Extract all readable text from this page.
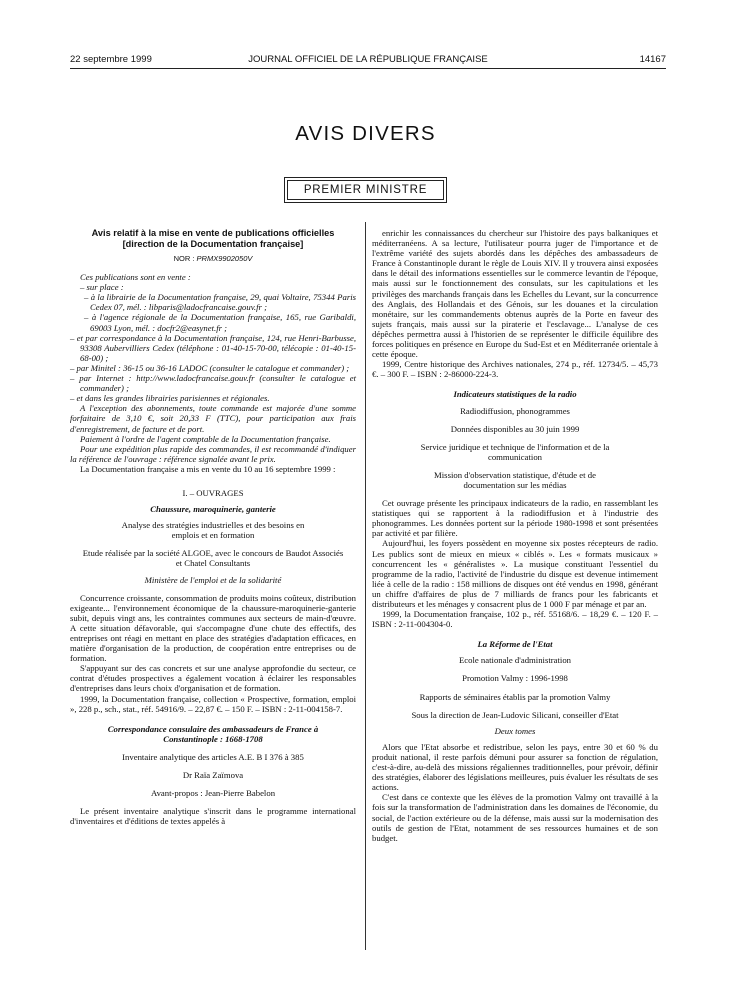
22 septembre 1999	JOURNAL OFFICIEL DE LA RÉPUBLIQUE FRANÇAISE	14167
AVIS DIVERS
PREMIER MINISTRE

Avis relatif à la mise en vente de publications officielles [direction de la Documentation française]

NOR : PRMX9902050V

Ces publications sont en vente :

– sur place :

– à la librairie de la Documentation française, 29, quai Voltaire, 75344 Paris Cedex 07, mél. : libparis@ladocfrancaise.gouv.fr ;

– à l'agence régionale de la Documentation française, 165, rue Garibaldi, 69003 Lyon, mél. : docfr2@easynet.fr ;

– et par correspondance à la Documentation française, 124, rue Henri-Barbusse, 93308 Aubervilliers Cedex (téléphone : 01-40-15-70-00, télécopie : 01-40-15-68-00) ;

– par Minitel : 36-15 ou 36-16 LADOC (consulter le catalogue et commander) ;

– par Internet : http://www.ladocfrancaise.gouv.fr (consulter le catalogue et commander) ;

– et dans les grandes librairies parisiennes et régionales.

A l'exception des abonnements, toute commande est majorée d'une somme forfaitaire de 3,10 €, soit 20,33 F (TTC), pour participation aux frais d'enregistrement, de facture et de port.

Paiement à l'ordre de l'agent comptable de la Documentation française.

Pour une expédition plus rapide des commandes, il est recommandé d'indiquer la référence de l'ouvrage : référence signalée avant le prix.

La Documentation française a mis en vente du 10 au 16 septembre 1999 :

I. – OUVRAGES

Chaussure, maroquinerie, ganterie

Analyse des stratégies industrielles et des besoins en emplois et en formation

Etude réalisée par la société ALGOE, avec le concours de Baudot Associés et Chatel Consultants

Ministère de l'emploi et de la solidarité

Concurrence croissante, consommation de produits moins coûteux, distribution exigeante... l'environnement économique de la chaussure-maroquinerie-ganterie subit, depuis vingt ans, les contraintes communes aux secteurs de main-d'œuvre. A cette situation défavorable, qui s'accompagne d'une chute des effectifs, des entreprises ont réagi en mettant en place des stratégies d'adaptation efficaces, en matière d'organisation de la production, de coopération entre entreprises ou de formation.

S'appuyant sur des cas concrets et sur une analyse approfondie du secteur, ce contrat d'études prospectives a également vocation à éclairer les responsables d'entreprises dans leurs choix d'organisation et de formation.

1999, la Documentation française, collection « Prospective, formation, emploi », 228 p., sch., stat., réf. 54916/9. – 22,87 €. – 150 F. – ISBN : 2-11-004158-7.

Correspondance consulaire des ambassadeurs de France à Constantinople : 1668-1708

Inventaire analytique des articles A.E. B I 376 à 385

Dr Raïa Zaïmova

Avant-propos : Jean-Pierre Babelon

Le présent inventaire analytique s'inscrit dans le programme international d'inventaires et d'éditions de textes appelés à

enrichir les connaissances du chercheur sur l'histoire des pays balkaniques et méditerranéens. A sa lecture, l'utilisateur pourra juger de l'importance et de l'extrême variété des sujets abordés dans les dépêches des ambassadeurs de France à Constantinople durant le règle de Louis XIV. Il y trouvera ainsi exposées dans le détail des informations essentielles sur le commerce levantin de l'époque, mais aussi sur le fonctionnement des consulats, sur les capitulations et les privilèges des marchands français dans les Echelles du Levant, sur la concurrence des Anglais, des Hollandais et des Génois, sur les douanes et la circulation monétaire, sur les commandements obtenus auprès de la Porte en faveur des sujets français, mais aussi sur la piraterie et l'esclavage... L'analyse de ces dépêches permettra aussi à l'historien de se représenter le difficile équilibre des forces politiques en présence en Europe du Sud-Est et en Méditerranée orientale à cette époque.

1999, Centre historique des Archives nationales, 274 p., réf. 12734/5. – 45,73 €. – 300 F. – ISBN : 2-86000-224-3.

Indicateurs statistiques de la radio

Radiodiffusion, phonogrammes

Données disponibles au 30 juin 1999

Service juridique et technique de l'information et de la communication

Mission d'observation statistique, d'étude et de documentation sur les médias

Cet ouvrage présente les principaux indicateurs de la radio, en rassemblant les statistiques qui se rapportent à la radiodiffusion et à l'industrie des phonogrammes. Les données portent sur la période 1980-1998 et sont présentées par activité et par filière.

Aujourd'hui, les foyers possèdent en moyenne six postes récepteurs de radio. Les publics sont de mieux en mieux « ciblés ». Les « formats musicaux » concurrencent les « généralistes ». La musique constituant l'essentiel du programme de la radio, l'activité de l'industrie du disque est devenue intimement liée à celle de la radio : 158 millions de disques ont été vendus en 1998, générant un chiffre d'affaires de plus de 7 milliards de francs pour les fabricants et distributeurs et les ménages y consacrent plus de 1 000 F par ménage et par an.

1999, la Documentation française, 102 p., réf. 55168/6. – 18,29 €. – 120 F. – ISBN : 2-11-004304-0.

La Réforme de l'Etat

Ecole nationale d'administration

Promotion Valmy : 1996-1998

Rapports de séminaires établis par la promotion Valmy

Sous la direction de Jean-Ludovic Silicani, conseiller d'Etat

Deux tomes

Alors que l'Etat absorbe et redistribue, selon les pays, entre 30 et 60 % du produit national, il reste parfois démuni pour assurer sa fonction de régulation, c'est-à-dire, au-delà des missions régaliennes traditionnelles, pour prévoir, définir des stratégies, élaborer des législations meilleures, puis évaluer les résultats de ses actions.

C'est dans ce contexte que les élèves de la promotion Valmy ont travaillé à la fois sur la transformation de l'administration dans les domaines de l'économie, du social, de l'action extérieure ou de la défense, mais aussi sur la modernisation des outils de gestion de l'Etat, notamment de ses ressources humaines et de son budget.
